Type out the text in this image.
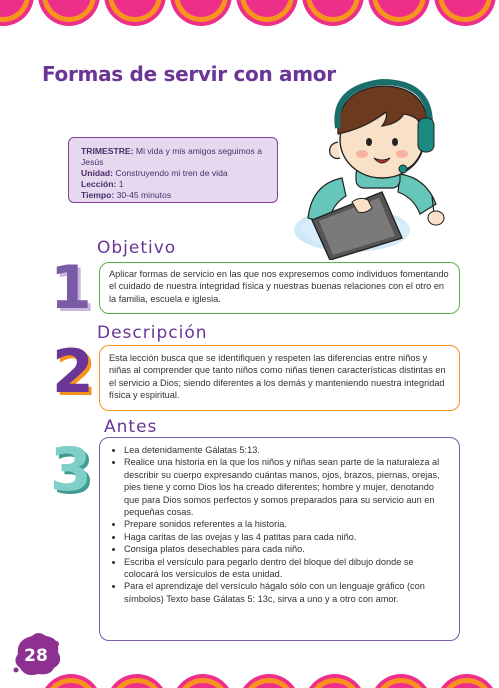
Formas de servir con amor
TRIMESTRE: Mi vida y mis amigos seguimos a Jesús
Unidad: Construyendo mi tren de vida
Lección: 1
Tiempo: 30-45 minutos
Objetivo
1	Aplicar formas de servicio en las que nos expresemos como individuos fomentando el cuidado de nuestra integridad física y nuestras buenas relaciones con el otro en la familia, escuela e iglesia.
Descripción
2	Esta lección busca que se identifiquen y respeten las diferencias entre niños y niñas al comprender que tanto niños como niñas tienen características distintas en el servicio a Dios; siendo diferentes a los demás y manteniendo nuestra integridad física y espiritual.
Antes
3
•	Lea detenidamente Gálatas 5:13.
• Realice una historia en la que los niños y niñas sean parte de la naturaleza al describir su cuerpo expresando cuántas manos, ojos, brazos, piernas, orejas, pies tiene y como Dios los ha creado diferentes; hombre y mujer, denotando que para Dios somos perfectos y somos preparados para su servicio aun en pequeñas cosas.
• Prepare sonidos referentes a la historia.
• Haga caritas de las ovejas y las 4 patitas para cada niño.
• Consiga platos desechables para cada niño.
• Escriba el versículo para pegarlo dentro del bloque del dibujo donde se colocará los versículos de esta unidad.
• Para el aprendizaje del versículo hágalo sólo con un lenguaje gráfico (con símbolos) Texto base Gálatas 5: 13c, sirva a uno y a otro con amor.
28
